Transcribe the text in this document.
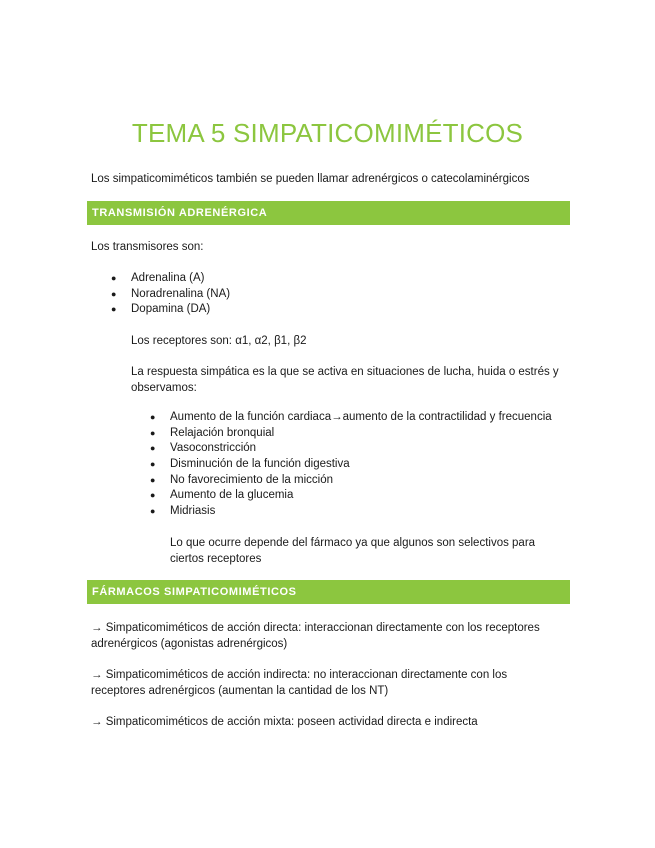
TEMA 5 SIMPATICOMIMÉTICOS

Los simpaticomiméticos también se pueden llamar adrenérgicos o catecolaminérgicos

TRANSMISIÓN ADRENÉRGICA

Los transmisores son:

● Adrenalina (A)
● Noradrenalina (NA)
● Dopamina (DA)

Los receptores son: α1, α2, β1, β2

La respuesta simpática es la que se activa en situaciones de lucha, huida o estrés y

observamos:

● Aumento de la función cardiaca→aumento de la contractilidad y frecuencia
● Relajación bronquial
● Vasoconstricción
● Disminución de la función digestiva
● No favorecimiento de la micción
● Aumento de la glucemia
● Midriasis

Lo que ocurre depende del fármaco ya que algunos son selectivos para

ciertos receptores

FÁRMACOS SIMPATICOMIMÉTICOS

→ Simpaticomiméticos de acción directa: interaccionan directamente con los receptores

adrenérgicos (agonistas adrenérgicos)

→ Simpaticomiméticos de acción indirecta: no interaccionan directamente con los

receptores adrenérgicos (aumentan la cantidad de los NT)

→ Simpaticomiméticos de acción mixta: poseen actividad directa e indirecta
